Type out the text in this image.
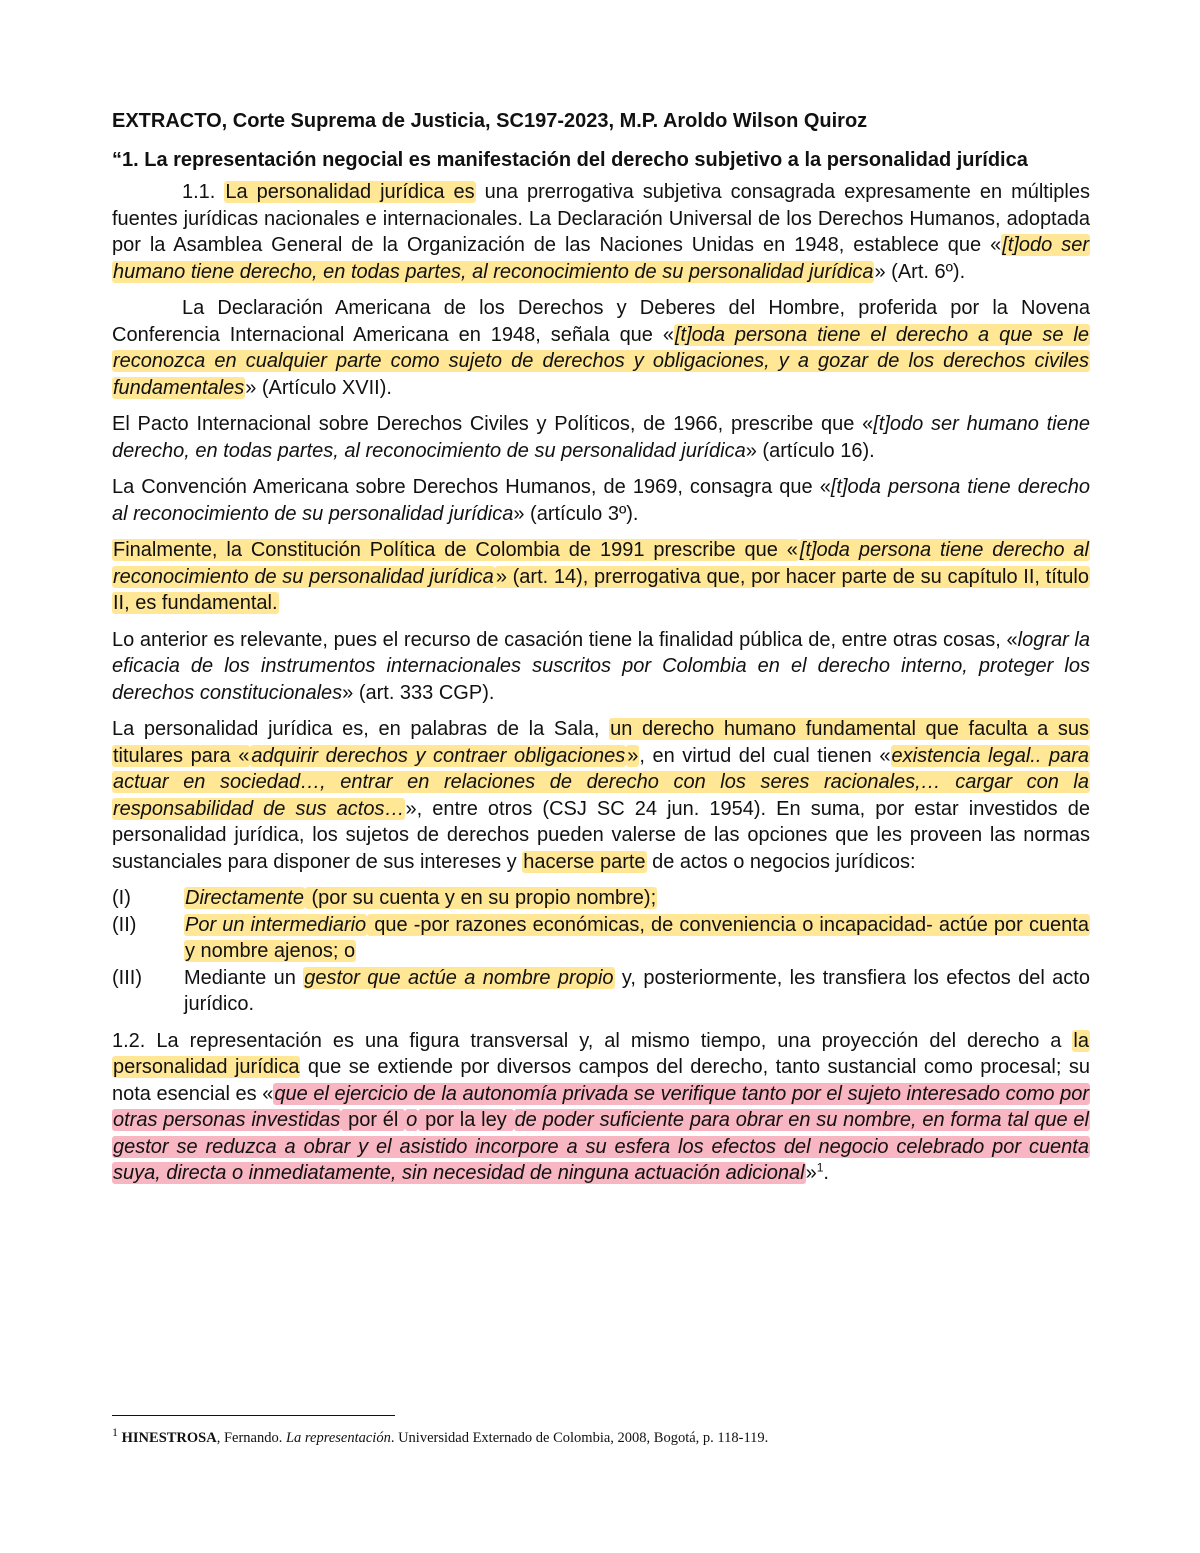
EXTRACTO, Corte Suprema de Justicia, SC197-2023, M.P. Aroldo Wilson Quiroz
“1. La representación negocial es manifestación del derecho subjetivo a la personalidad jurídica

1.1. La personalidad jurídica es una prerrogativa subjetiva consagrada expresamente en múltiples fuentes jurídicas nacionales e internacionales. La Declaración Universal de los Derechos Humanos, adoptada por la Asamblea General de la Organización de las Naciones Unidas en 1948, establece que «[t]odo ser humano tiene derecho, en todas partes, al reconocimiento de su personalidad jurídica» (Art. 6º).

La Declaración Americana de los Derechos y Deberes del Hombre, proferida por la Novena Conferencia Internacional Americana en 1948, señala que «[t]oda persona tiene el derecho a que se le reconozca en cualquier parte como sujeto de derechos y obligaciones, y a gozar de los derechos civiles fundamentales» (Artículo XVII).

El Pacto Internacional sobre Derechos Civiles y Políticos, de 1966, prescribe que «[t]odo ser humano tiene derecho, en todas partes, al reconocimiento de su personalidad jurídica» (artículo 16).

La Convención Americana sobre Derechos Humanos, de 1969, consagra que «[t]oda persona tiene derecho al reconocimiento de su personalidad jurídica» (artículo 3º).

Finalmente, la Constitución Política de Colombia de 1991 prescribe que « [t]oda persona tiene derecho al reconocimiento de su personalidad jurídica » (art. 14), prerrogativa que, por hacer parte de su capítulo II, título II, es fundamental.

Lo anterior es relevante, pues el recurso de casación tiene la finalidad pública de, entre otras cosas, «lograr la eficacia de los instrumentos internacionales suscritos por Colombia en el derecho interno, proteger los derechos constitucionales» (art. 333 CGP).

La personalidad jurídica es, en palabras de la Sala, un derecho humano fundamental que faculta a sus titulares para « adquirir derechos y contraer obligaciones », en virtud del cual tienen «existencia legal.. para actuar en sociedad…, entrar en relaciones de derecho con los seres racionales,… cargar con la responsabilidad de sus actos…», entre otros (CSJ SC 24 jun. 1954). En suma, por estar investidos de personalidad jurídica, los sujetos de derechos pueden valerse de las opciones que les proveen las normas sustanciales para disponer de sus intereses y hacerse parte de actos o negocios jurídicos:

(I)	Directamente (por su cuenta y en su propio nombre);
(II)	Por un intermediario que -por razones económicas, de conveniencia o incapacidad- actúe por cuenta y nombre ajenos; o
(III)	Mediante un gestor que actúe a nombre propio y, posteriormente, les transfiera los efectos del acto jurídico.

1.2. La representación es una figura transversal y, al mismo tiempo, una proyección del derecho a la personalidad jurídica que se extiende por diversos campos del derecho, tanto sustancial como procesal; su nota esencial es «que el ejercicio de la autonomía privada se verifique tanto por el sujeto interesado como por otras personas investidas por él o por la ley de poder suficiente para obrar en su nombre, en forma tal que el gestor se reduzca a obrar y el asistido incorpore a su esfera los efectos del negocio celebrado por cuenta suya, directa o inmediatamente, sin necesidad de ninguna actuación adicional»$^1$.

$^1$ HINESTROSA, Fernando. La representación. Universidad Externado de Colombia, 2008, Bogotá, p. 118-119.
